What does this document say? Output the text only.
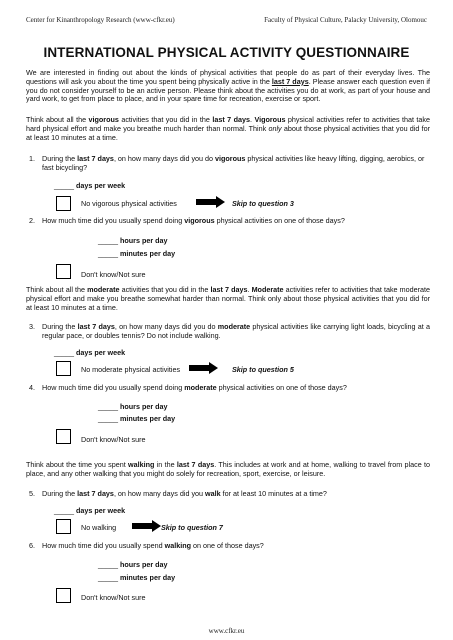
Center for Kinanthropology Research (www-cfkr.eu)	Faculty of Physical Culture, Palacky University, Olomouc
INTERNATIONAL PHYSICAL ACTIVITY QUESTIONNAIRE
We are interested in finding out about the kinds of physical activities that people do as part of their everyday lives. The questions will ask you about the time you spent being physically active in the last 7 days. Please answer each question even if you do not consider yourself to be an active person. Please think about the activities you do at work, as part of your house and yard work, to get from place to place, and in your spare time for recreation, exercise or sport.
Think about all the vigorous activities that you did in the last 7 days. Vigorous physical activities refer to activities that take hard physical effort and make you breathe much harder than normal. Think only about those physical activities that you did for at least 10 minutes at a time.
1. During the last 7 days, on how many days did you do vigorous physical activities like heavy lifting, digging, aerobics, or fast bicycling?
_____ days per week
No vigorous physical activities	Skip to question 3
2. How much time did you usually spend doing vigorous physical activities on one of those days?
_____ hours per day
_____ minutes per day
Don't know/Not sure
Think about all the moderate activities that you did in the last 7 days. Moderate activities refer to activities that take moderate physical effort and make you breathe somewhat harder than normal. Think only about those physical activities that you did for at least 10 minutes at a time.
3. During the last 7 days, on how many days did you do moderate physical activities like carrying light loads, bicycling at a regular pace, or doubles tennis? Do not include walking.
_____ days per week
No moderate physical activities	Skip to question 5
4. How much time did you usually spend doing moderate physical activities on one of those days?
_____ hours per day
_____ minutes per day
Don't know/Not sure
Think about the time you spent walking in the last 7 days. This includes at work and at home, walking to travel from place to place, and any other walking that you might do solely for recreation, sport, exercise, or leisure.
5. During the last 7 days, on how many days did you walk for at least 10 minutes at a time?
_____ days per week
No walking	Skip to question 7
6. How much time did you usually spend walking on one of those days?
_____ hours per day
_____ minutes per day
Don't know/Not sure
www.cfkr.eu
